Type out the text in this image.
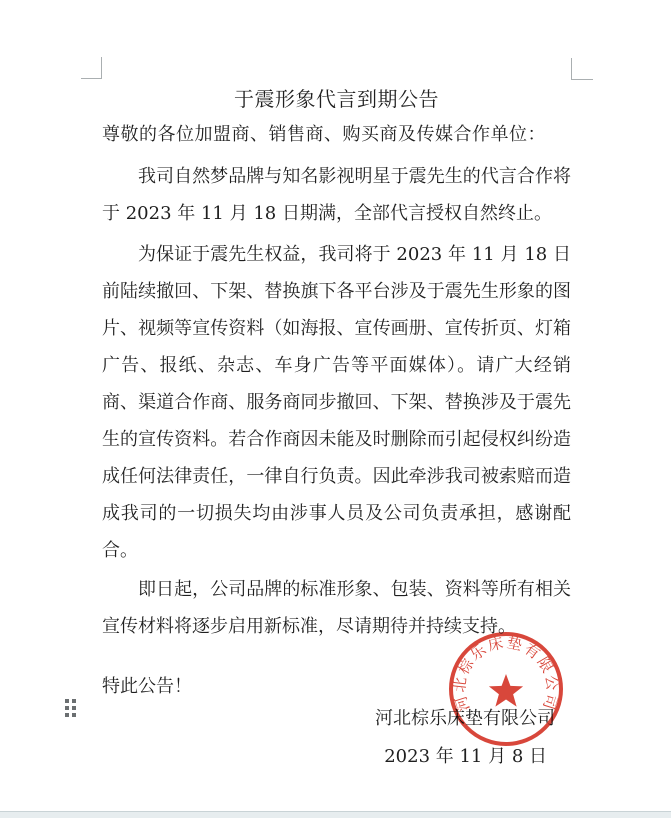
于震形象代言到期公告

尊敬的各位加盟商、销售商、购买商及传媒合作单位：

我司自然梦品牌与知名影视明星于震先生的代言合作将于 2023 年 11 月 18 日期满，全部代言授权自然终止。

为保证于震先生权益，我司将于 2023 年 11 月 18 日前陆续撤回、下架、替换旗下各平台涉及于震先生形象的图片、视频等宣传资料（如海报、宣传画册、宣传折页、灯箱广告、报纸、杂志、车身广告等平面媒体）。请广大经销商、渠道合作商、服务商同步撤回、下架、替换涉及于震先生的宣传资料。若合作商因未能及时删除而引起侵权纠纷造成任何法律责任，一律自行负责。因此牵涉我司被索赔而造成我司的一切损失均由涉事人员及公司负责承担，感谢配合。

即日起，公司品牌的标准形象、包装、资料等所有相关宣传材料将逐步启用新标准，尽请期待并持续支持。

特此公告！

河北棕乐床垫有限公司

2023 年 11 月 8 日

河北棕乐床垫有限公司
